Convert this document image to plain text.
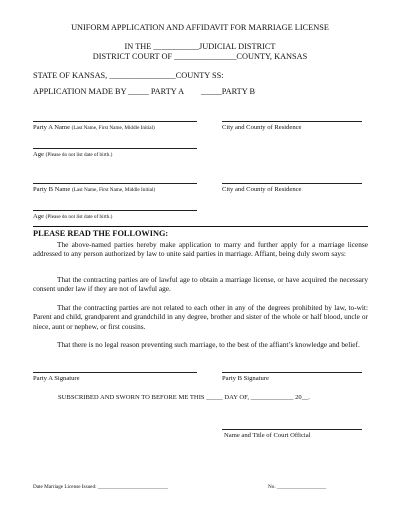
UNIFORM APPLICATION AND AFFIDAVIT FOR MARRIAGE LICENSE
IN THE ___________JUDICIAL DISTRICT
DISTRICT COURT OF _______________COUNTY, KANSAS
STATE OF KANSAS, ________________COUNTY SS:
APPLICATION MADE BY _____ PARTY A _____PARTY B
Party A Name (Last Name, First Name, Middle Initial)	City and County of Residence
Age (Please do not list date of birth.)
Party B Name (Last Name, First Name, Middle Initial)	City and County of Residence
Age (Please do not list date of birth.)
PLEASE READ THE FOLLOWING:
The above-named parties hereby make application to marry and further apply for a marriage license addressed to any person authorized by law to unite said parties in marriage. Affiant, being duly sworn says:
That the contracting parties are of lawful age to obtain a marriage license, or have acquired the necessary consent under law if they are not of lawful age.
That the contracting parties are not related to each other in any of the degrees prohibited by law, to-wit: Parent and child, grandparent and grandchild in any degree, brother and sister of the whole or half blood, uncle or niece, aunt or nephew, or first cousins.
That there is no legal reason preventing such marriage, to the best of the affiant’s knowledge and belief.
Party A Signature	Party B Signature
SUBSCRIBED AND SWORN TO BEFORE ME THIS _____ DAY OF, _____________ 20__.
Name and Title of Court Official
Date Marriage License Issued: ___________________________	No. ___________________
